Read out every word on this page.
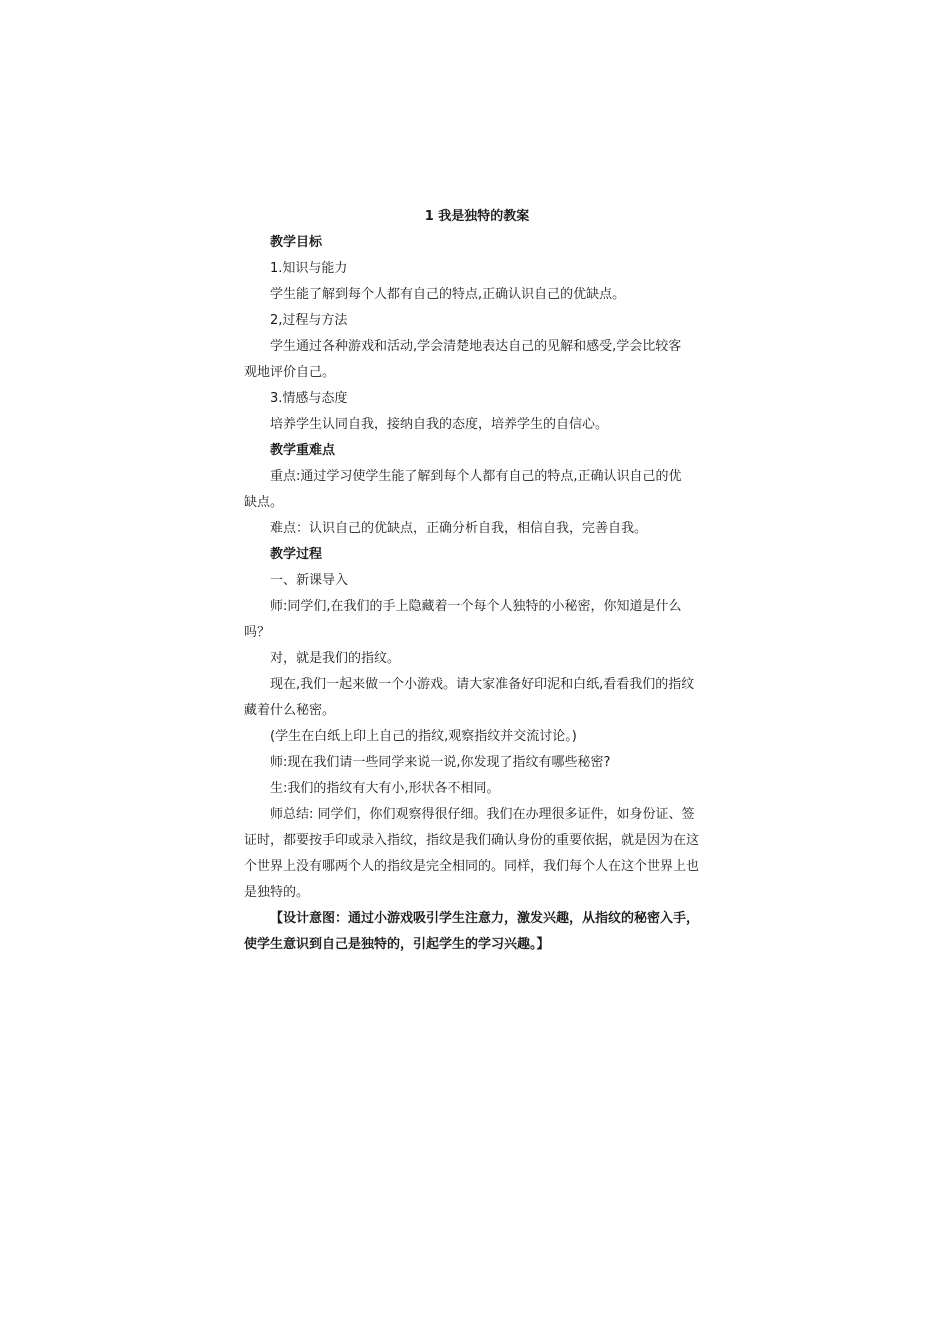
1 我是独特的教案
教学目标
1.知识与能力
学生能了解到每个人都有自己的特点,正确认识自己的优缺点。
2,过程与方法
学生通过各种游戏和活动,学会清楚地表达自己的见解和感受,学会比较客
观地评价自己。
3.情感与态度
培养学生认同自我，接纳自我的态度，培养学生的自信心。
教学重难点
重点:通过学习使学生能了解到每个人都有自己的特点,正确认识自己的优
缺点。
难点：认识自己的优缺点，正确分析自我，相信自我，完善自我。
教学过程
一、新课导入
师:同学们,在我们的手上隐藏着一个每个人独特的小秘密，你知道是什么
吗？
对，就是我们的指纹。
现在,我们一起来做一个小游戏。请大家准备好印泥和白纸,看看我们的指纹
藏着什么秘密。
(学生在白纸上印上自己的指纹,观察指纹并交流讨论。)
师:现在我们请一些同学来说一说,你发现了指纹有哪些秘密?
生:我们的指纹有大有小,形状各不相同。
师总结: 同学们，你们观察得很仔细。我们在办理很多证件，如身份证、签
证时，都要按手印或录入指纹，指纹是我们确认身份的重要依据，就是因为在这
个世界上没有哪两个人的指纹是完全相同的。同样，我们每个人在这个世界上也
是独特的。
【设计意图：通过小游戏吸引学生注意力，激发兴趣，从指纹的秘密入手，
使学生意识到自己是独特的，引起学生的学习兴趣。】
